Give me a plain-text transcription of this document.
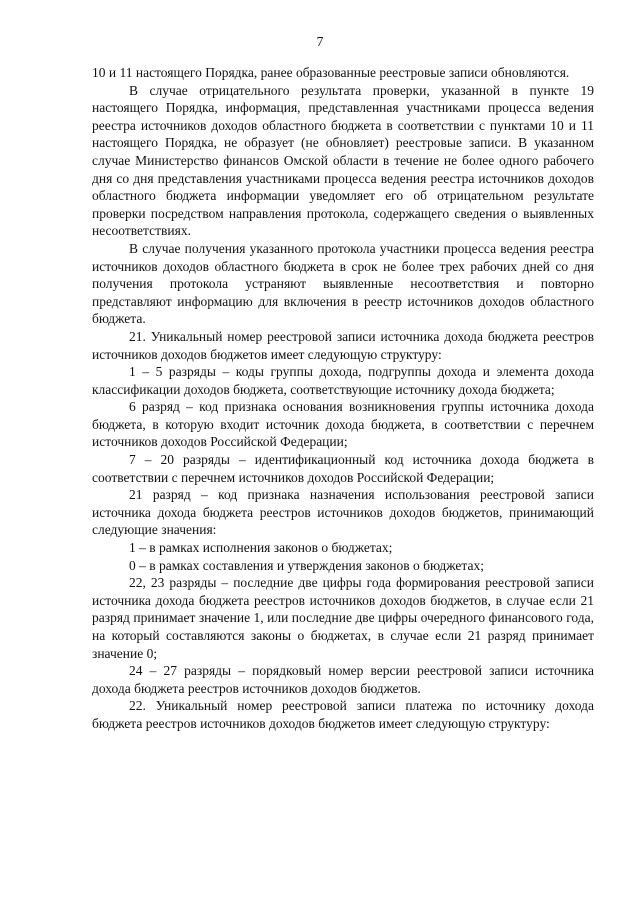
7

10 и 11 настоящего Порядка, ранее образованные реестровые записи обновляются.

В случае отрицательного результата проверки, указанной в пункте 19 настоящего Порядка, информация, представленная участниками процесса ведения реестра источников доходов областного бюджета в соответствии с пунктами 10 и 11 настоящего Порядка, не образует (не обновляет) реестровые записи. В указанном случае Министерство финансов Омской области в течение не более одного рабочего дня со дня представления участниками процесса ведения реестра источников доходов областного бюджета информации уведомляет его об отрицательном результате проверки посредством направления протокола, содержащего сведения о выявленных несоответствиях.

В случае получения указанного протокола участники процесса ведения реестра источников доходов областного бюджета в срок не более трех рабочих дней со дня получения протокола устраняют выявленные несоответствия и повторно представляют информацию для включения в реестр источников доходов областного бюджета.

21. Уникальный номер реестровой записи источника дохода бюджета реестров источников доходов бюджетов имеет следующую структуру:

1 – 5 разряды – коды группы дохода, подгруппы дохода и элемента дохода классификации доходов бюджета, соответствующие источнику дохода бюджета;

6 разряд – код признака основания возникновения группы источника дохода бюджета, в которую входит источник дохода бюджета, в соответствии с перечнем источников доходов Российской Федерации;

7 – 20 разряды – идентификационный код источника дохода бюджета в соответствии с перечнем источников доходов Российской Федерации;

21 разряд – код признака назначения использования реестровой записи источника дохода бюджета реестров источников доходов бюджетов, принимающий следующие значения:

1 – в рамках исполнения законов о бюджетах;

0 – в рамках составления и утверждения законов о бюджетах;

22, 23 разряды – последние две цифры года формирования реестровой записи источника дохода бюджета реестров источников доходов бюджетов, в случае если 21 разряд принимает значение 1, или последние две цифры очередного финансового года, на который составляются законы о бюджетах, в случае если 21 разряд принимает значение 0;

24 – 27 разряды – порядковый номер версии реестровой записи источника дохода бюджета реестров источников доходов бюджетов.

22. Уникальный номер реестровой записи платежа по источнику дохода бюджета реестров источников доходов бюджетов имеет следующую структуру:
